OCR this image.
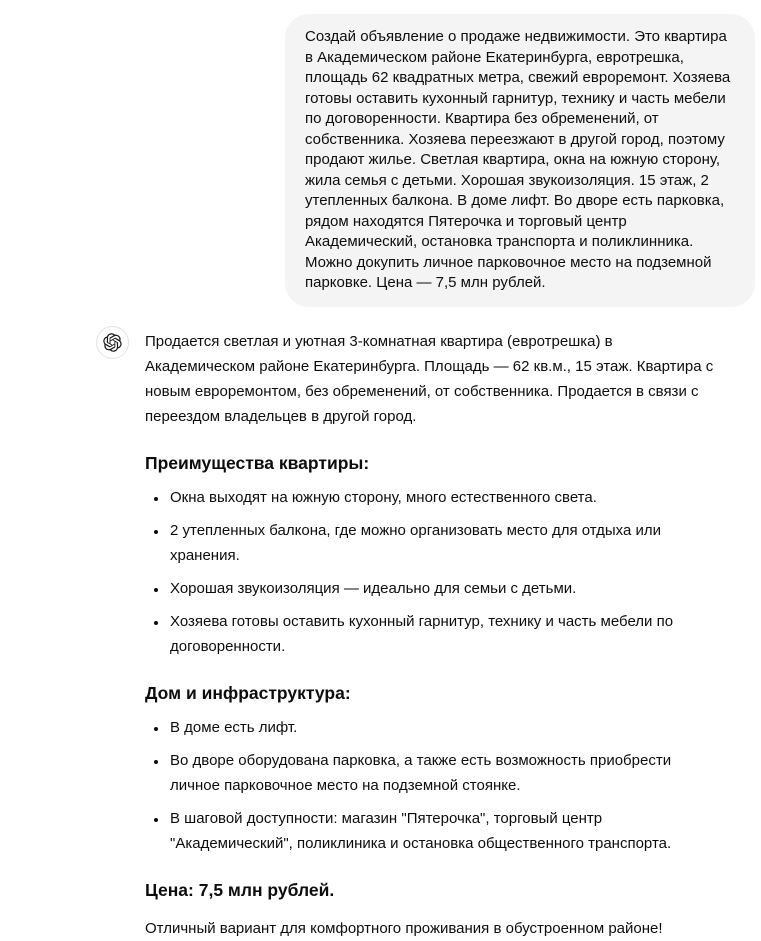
Создай объявление о продаже недвижимости. Это квартира в Академическом районе Екатеринбурга, евротрешка, площадь 62 квадратных метра, свежий евроремонт. Хозяева готовы оставить кухонный гарнитур, технику и часть мебели по договоренности. Квартира без обременений, от собственника. Хозяева переезжают в другой город, поэтому продают жилье. Светлая квартира, окна на южную сторону, жила семья с детьми. Хорошая звукоизоляция. 15 этаж, 2 утепленных балкона. В доме лифт. Во дворе есть парковка, рядом находятся Пятерочка и торговый центр Академический, остановка транспорта и поликлинника. Можно докупить личное парковочное место на подземной парковке. Цена — 7,5 млн рублей.

Продается светлая и уютная 3-комнатная квартира (евротрешка) в Академическом районе Екатеринбурга. Площадь — 62 кв.м., 15 этаж. Квартира с новым евроремонтом, без обременений, от собственника. Продается в связи с переездом владельцев в другой город.

Преимущества квартиры:
• Окна выходят на южную сторону, много естественного света.
• 2 утепленных балкона, где можно организовать место для отдыха или хранения.
• Хорошая звукоизоляция — идеально для семьи с детьми.
• Хозяева готовы оставить кухонный гарнитур, технику и часть мебели по договоренности.
Дом и инфраструктура:
• В доме есть лифт.
• Во дворе оборудована парковка, а также есть возможность приобрести личное парковочное место на подземной стоянке.
• В шаговой доступности: магазин "Пятерочка", торговый центр "Академический", поликлиника и остановка общественного транспорта.
Цена: 7,5 млн рублей.

Отличный вариант для комфортного проживания в обустроенном районе!
